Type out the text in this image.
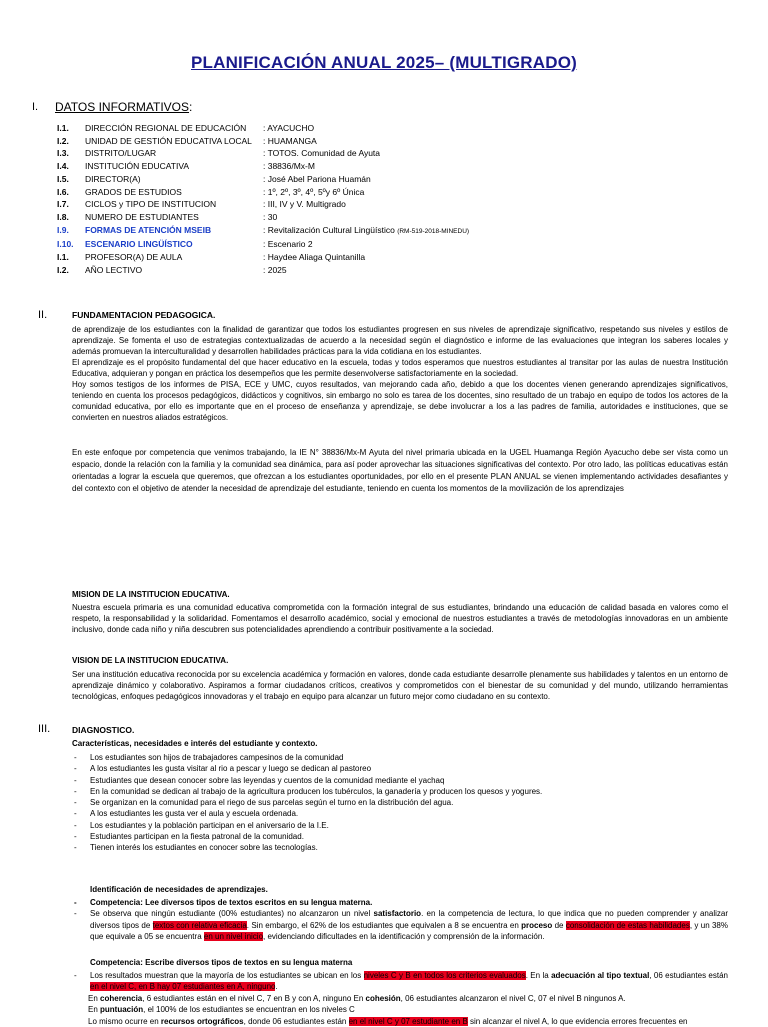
PLANIFICACIÓN ANUAL 2025– (MULTIGRADO)
I. DATOS INFORMATIVOS:
I.1.	DIRECCIÓN REGIONAL DE EDUCACIÓN	: AYACUCHO
I.2.	UNIDAD DE GESTIÓN EDUCATIVA LOCAL	: HUAMANGA
I.3.	DISTRITO/LUGAR	: TOTOS. Comunidad de Ayuta
I.4.	INSTITUCIÓN EDUCATIVA	: 38836/Mx-M
I.5.	DIRECTOR(A)	: José Abel Pariona Huamán
I.6.	GRADOS DE ESTUDIOS	: 1º, 2º, 3º, 4º, 5ºy 6º Única
I.7.	CICLOS y TIPO DE INSTITUCION	: III, IV y V. Multigrado
I.8.	NUMERO DE ESTUDIANTES	: 30
I.9.	FORMAS DE ATENCIÓN MSEIB	: Revitalización Cultural Lingüístico (RM-519-2018-MINEDU)
I.10.	ESCENARIO LINGÜÍSTICO	: Escenario 2
I.1.	PROFESOR(A) DE AULA	: Haydee Aliaga Quintanilla
I.2.	AÑO LECTIVO	: 2025
II.	FUNDAMENTACION PEDAGOGICA.

de aprendizaje de los estudiantes con la finalidad de garantizar que todos los estudiantes progresen en sus niveles de aprendizaje significativo, respetando sus niveles y estilos de aprendizaje. Se fomenta el uso de estrategias contextualizadas de acuerdo a la necesidad según el diagnóstico e informe de las evaluaciones que integran los saberes locales y además promuevan la interculturalidad y desarrollen habilidades prácticas para la vida cotidiana en los estudiantes.

El aprendizaje es el propósito fundamental del que hacer educativo en la escuela, todas y todos esperamos que nuestros estudiantes al transitar por las aulas de nuestra Institución Educativa, adquieran y pongan en práctica los desempeños que les permite desenvolverse satisfactoriamente en la sociedad.

Hoy somos testigos de los informes de PISA, ECE y UMC, cuyos resultados, van mejorando cada año, debido a que los docentes vienen generando aprendizajes significativos, teniendo en cuenta los procesos pedagógicos, didácticos y cognitivos, sin embargo no solo es tarea de los docentes, sino resultado de un trabajo en equipo de todos los actores de la comunidad educativa, por ello es importante que en el proceso de enseñanza y aprendizaje, se debe involucrar a los a las padres de familia, autoridades e instituciones, que se convierten en nuestros aliados estratégicos.

En este enfoque por competencia que venimos trabajando, la IE N° 38836/Mx-M Ayuta del nivel primaria ubicada en la UGEL Huamanga Región Ayacucho debe ser vista como un espacio, donde la relación con la familia y la comunidad sea dinámica, para así poder aprovechar las situaciones significativas del contexto. Por otro lado, las políticas educativas están orientadas a lograr la escuela que queremos, que ofrezcan a los estudiantes oportunidades, por ello en el presente PLAN ANUAL se vienen implementando actividades desafiantes y del contexto con el objetivo de atender la necesidad de aprendizaje del estudiante, teniendo en cuenta los momentos de la movilización de los aprendizajes

MISION DE LA INSTITUCION EDUCATIVA.

Nuestra escuela primaria es una comunidad educativa comprometida con la formación integral de sus estudiantes, brindando una educación de calidad basada en valores como el respeto, la responsabilidad y la solidaridad. Fomentamos el desarrollo académico, social y emocional de nuestros estudiantes a través de metodologías innovadoras en un ambiente inclusivo, donde cada niño y niña descubren sus potencialidades aprendiendo a contribuir positivamente a la sociedad.

VISION DE LA INSTITUCION EDUCATIVA.

Ser una institución educativa reconocida por su excelencia académica y formación en valores, donde cada estudiante desarrolle plenamente sus habilidades y talentos en un entorno de aprendizaje dinámico y colaborativo. Aspiramos a formar ciudadanos críticos, creativos y comprometidos con el bienestar de su comunidad y del mundo, utilizando herramientas tecnológicas, enfoques pedagógicos innovadoras y el trabajo en equipo para alcanzar un futuro mejor como ciudadano en su contexto.

III.	DIAGNOSTICO.
Características, necesidades e interés del estudiante y contexto.
- Los estudiantes son hijos de trabajadores campesinos de la comunidad
- A los estudiantes les gusta visitar al rio a pescar y luego se dedican al pastoreo
- Estudiantes que desean conocer sobre las leyendas y cuentos de la comunidad mediante el yachaq
- En la comunidad se dedican al trabajo de la agricultura producen los tubérculos, la ganadería y producen los quesos y yogures.
- Se organizan en la comunidad para el riego de sus parcelas según el turno en la distribución del agua.
- A los estudiantes les gusta ver el aula y escuela ordenada.
- Los estudiantes y la población participan en el aniversario de la I.E.
- Estudiantes participan en la fiesta patronal de la comunidad.
- Tienen interés los estudiantes en conocer sobre las tecnologías.
Identificación de necesidades de aprendizajes.
- Competencia: Lee diversos tipos de textos escritos en su lengua materna.
- Se observa que ningún estudiante (00% estudiantes) no alcanzaron un nivel satisfactorio. en la competencia de lectura, lo que indica que no pueden comprender y analizar diversos tipos de textos con relativa eficacia. Sin embargo, el 62% de los estudiantes que equivalen a 8 se encuentra en proceso de consolidación de estas habilidades, y un 38% que equivale a 05 se encuentra en un nivel inicio, evidenciando dificultades en la identificación y comprensión de la información.
Competencia: Escribe diversos tipos de textos en su lengua materna
- Los resultados muestran que la mayoría de los estudiantes se ubican en los niveles C y B en todos los criterios evaluados. En la adecuación al tipo textual, 06 estudiantes están en el nivel C, en B hay 07 estudiantes en A, ninguno.

En coherencia, 6 estudiantes están en el nivel C, 7 en B y con A, ninguno En cohesión, 06 estudiantes alcanzaron el nivel C, 07 el nivel B ningunos A.

En puntuación, el 100% de los estudiantes se encuentran en los niveles C

Lo mismo ocurre en recursos ortográficos, donde 06 estudiantes están en el nivel C y 07 estudiante en B sin alcanzar el nivel A, lo que evidencia errores frecuentes en
